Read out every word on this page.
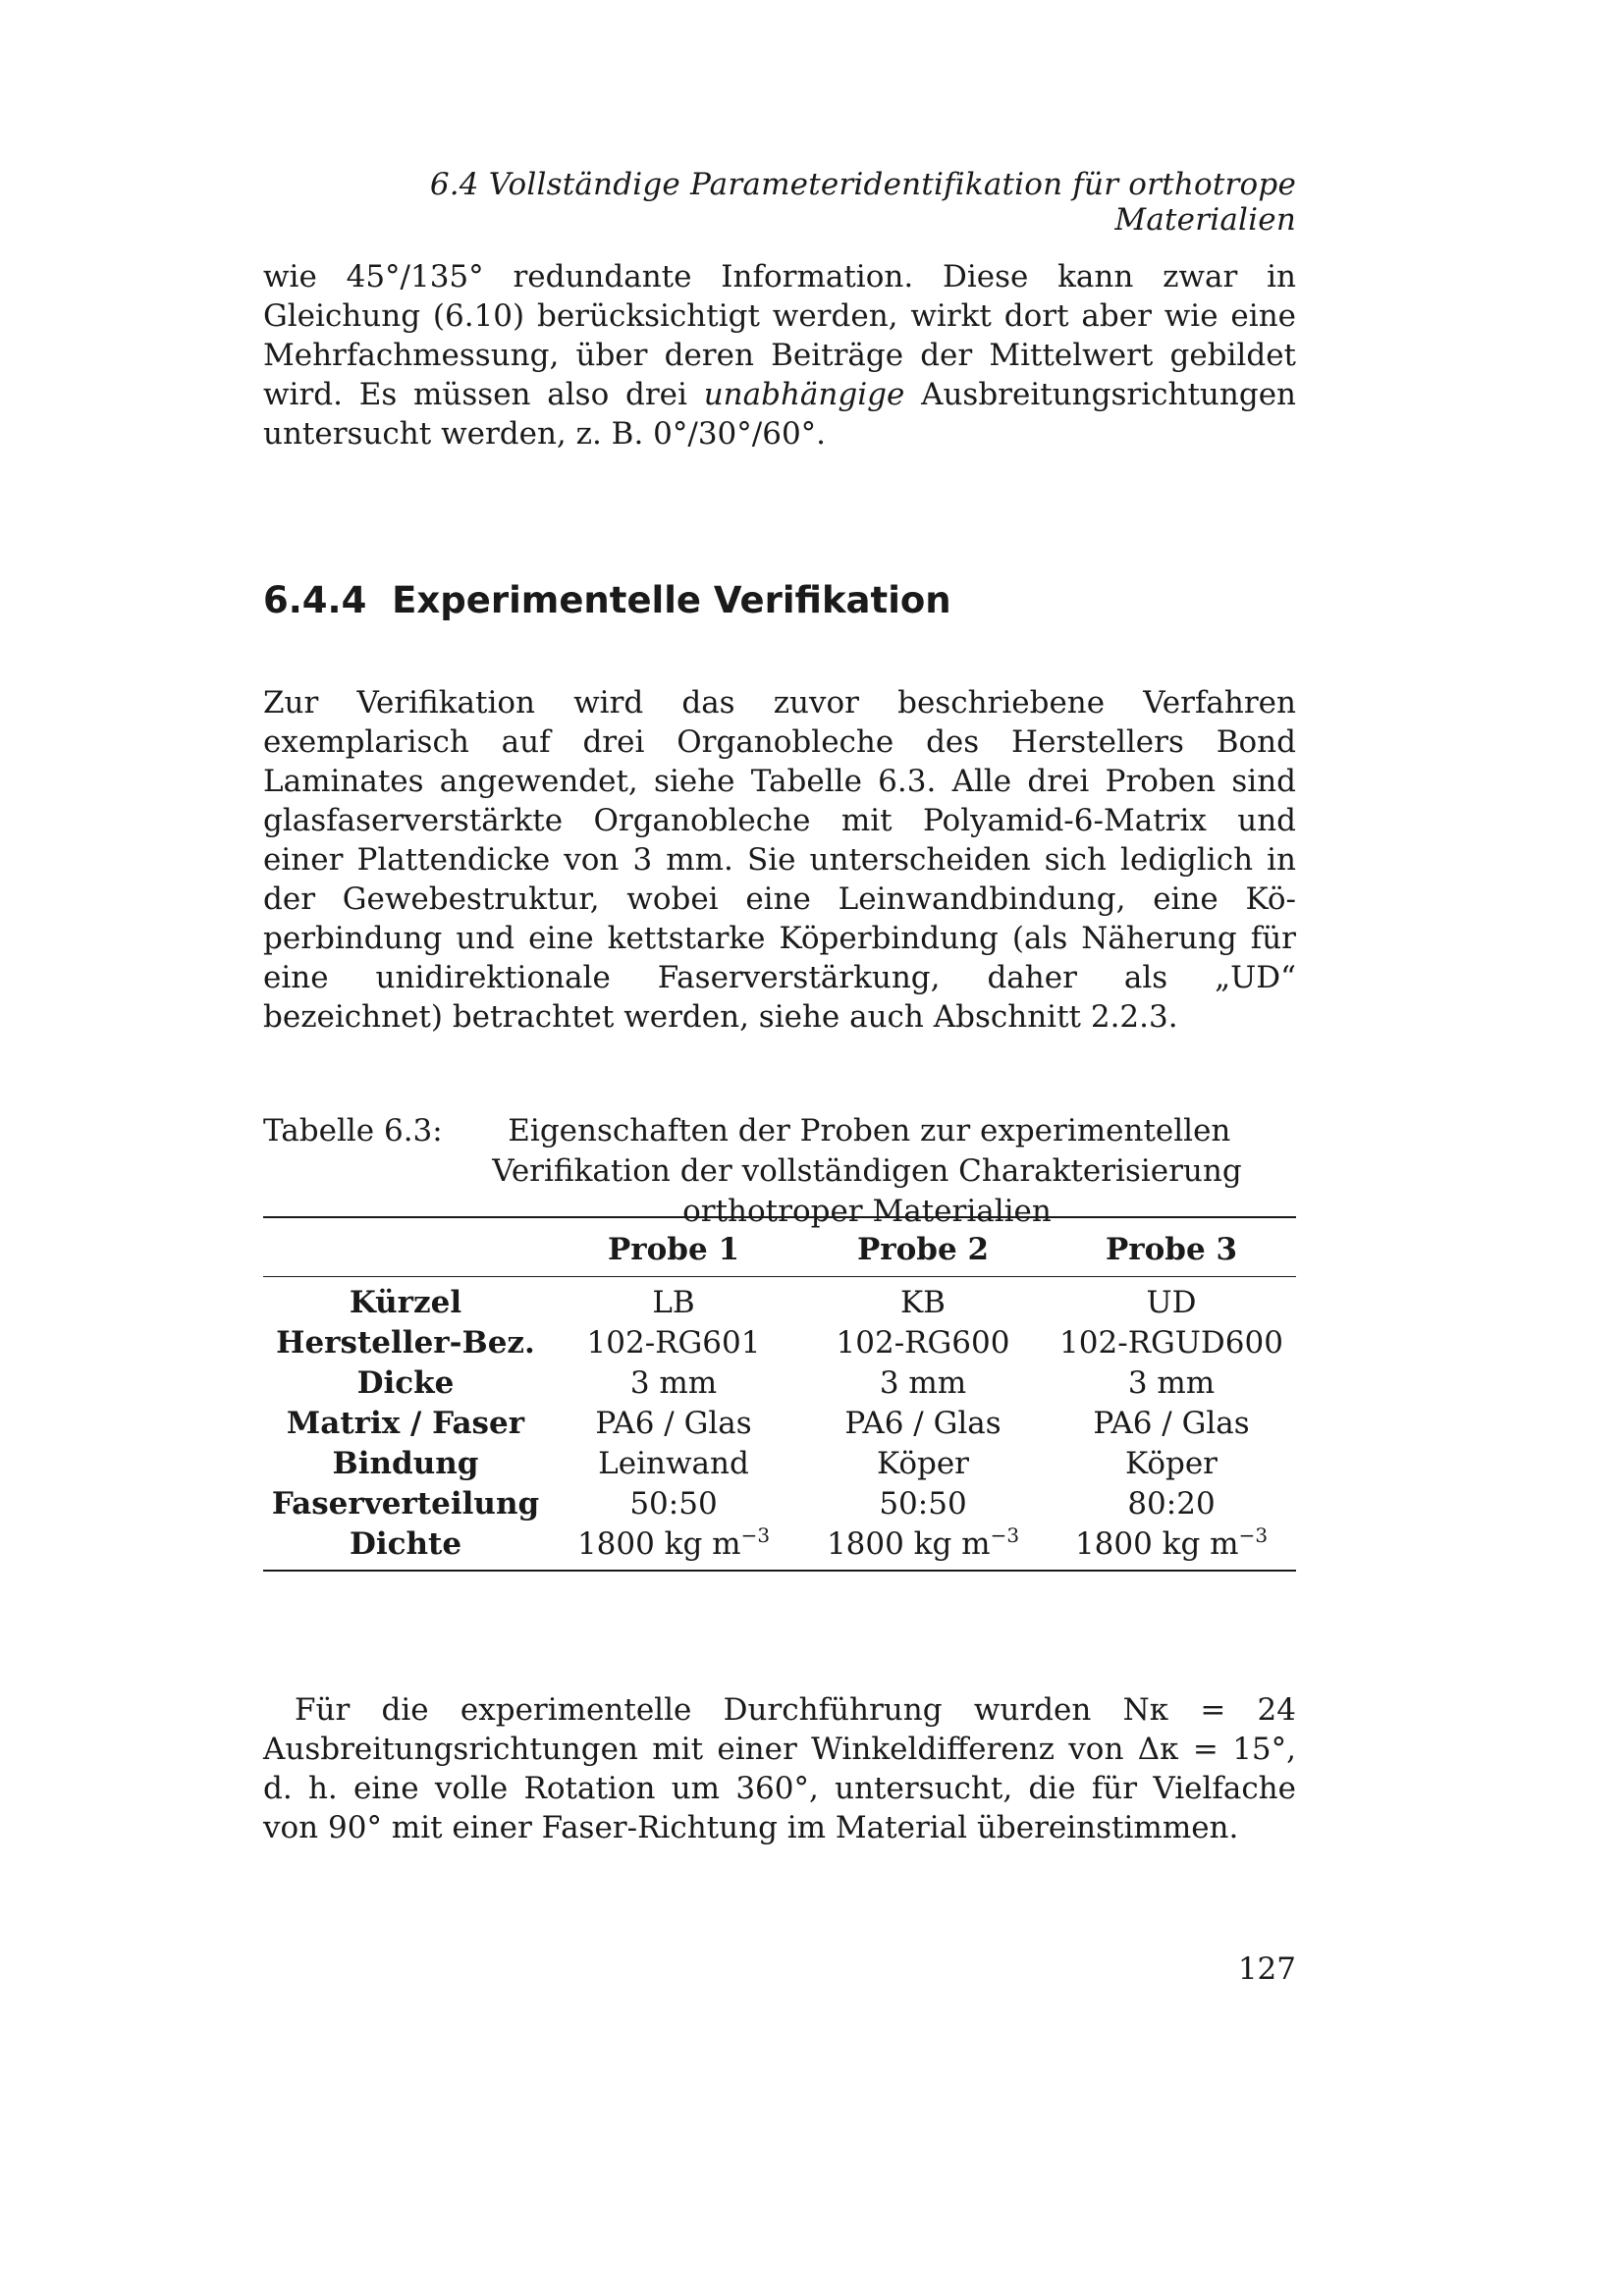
6.4 Vollständige Parameteridentifikation für orthotrope Materialien

wie 45°/135° redundante Information. Diese kann zwar in Gleichung (6.10) berücksichtigt werden, wirkt dort aber wie eine Mehrfachmessung, über deren Beiträge der Mittelwert gebildet wird. Es müssen also drei unabhängige Ausbreitungsrichtungen untersucht werden, z. B. 0°/30°/60°.

6.4.4 Experimentelle Verifikation

Zur Verifikation wird das zuvor beschriebene Verfahren exemplarisch auf drei Organobleche des Herstellers Bond Laminates angewendet, siehe Tabelle 6.3. Alle drei Proben sind glasfaserverstärkte Organobleche mit Polyamid-6-Matrix und einer Plattendicke von 3 mm. Sie unterscheiden sich lediglich in der Gewebestruktur, wobei eine Leinwandbindung, eine Köperbindung und eine kettstarke Köperbindung (als Näherung für eine unidirektionale Faserverstärkung, daher als „UD“ bezeichnet) betrachtet werden, siehe auch Abschnitt 2.2.3.

Tabelle 6.3:	Eigenschaften der Proben zur experimentellen Verifikation der vollständigen Charakterisierung orthotroper Materialien
	Probe 1	Probe 2	Probe 3
Kürzel	LB	KB	UD
Hersteller-Bez.	102-RG601	102-RG600	102-RGUD600
Dicke	3 mm	3 mm	3 mm
Matrix / Faser	PA6 / Glas	PA6 / Glas	PA6 / Glas
Bindung	Leinwand	Köper	Köper
Faserverteilung	50:50	50:50	80:20
Dichte	1800 kg $m^{-3}$	1800 kg $m^{-3}$	1800 kg $m^{-3}$

Für die experimentelle Durchführung wurden Nκ = 24 Ausbreitungsrichtungen mit einer Winkeldifferenz von Δκ = 15°, d. h. eine volle Rotation um 360°, untersucht, die für Vielfache von 90° mit einer Faser-Richtung im Material übereinstimmen.

127
